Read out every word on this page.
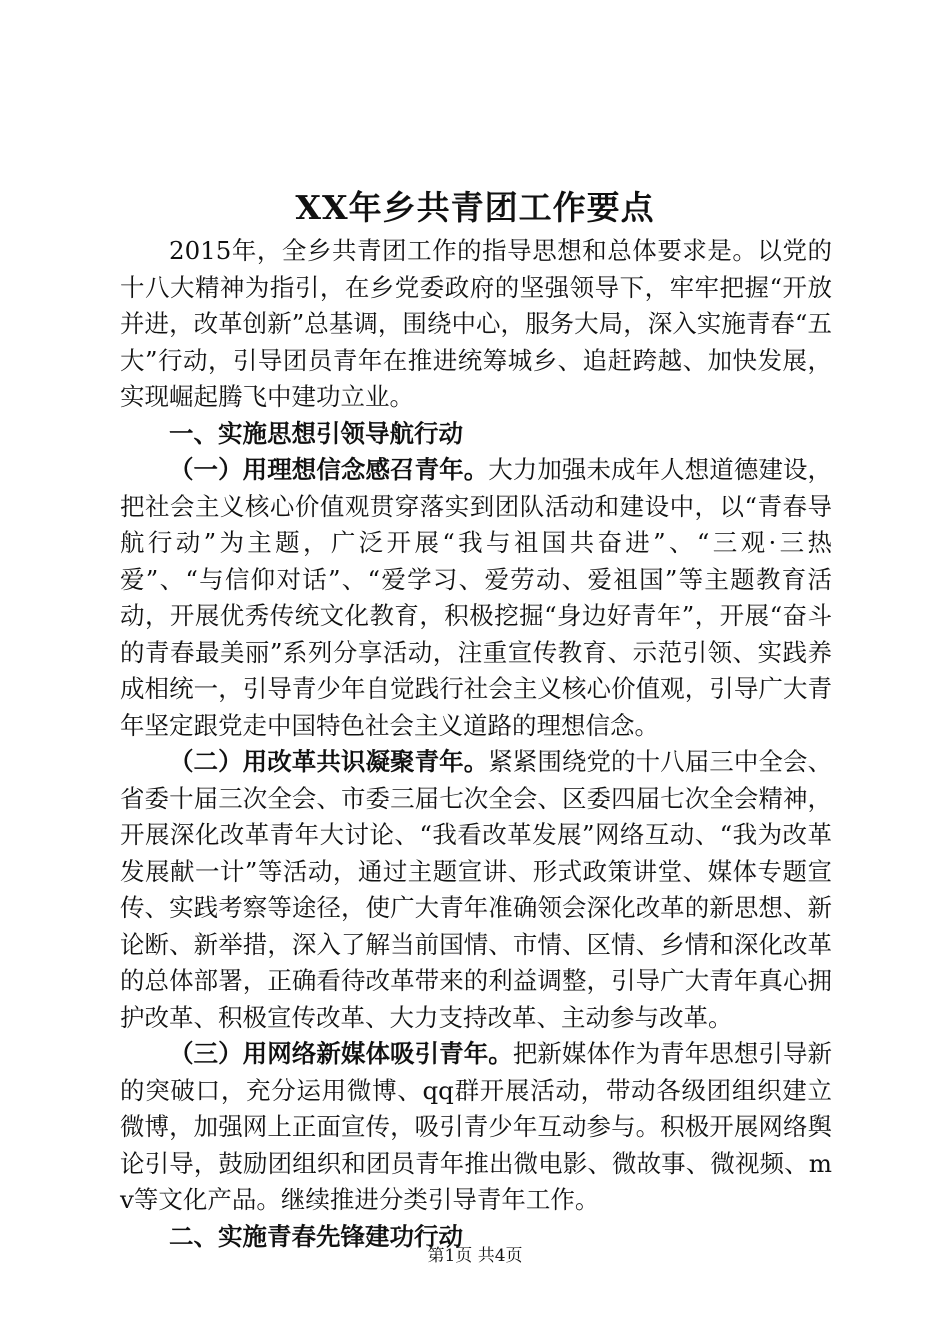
XX年乡共青团工作要点

2015年，全乡共青团工作的指导思想和总体要求是。以党的十八大精神为指引，在乡党委政府的坚强领导下，牢牢把握“开放并进，改革创新”总基调，围绕中心，服务大局，深入实施青春“五大”行动，引导团员青年在推进统筹城乡、追赶跨越、加快发展，实现崛起腾飞中建功立业。

一、实施思想引领导航行动

（一）用理想信念感召青年。大力加强未成年人想道德建设，把社会主义核心价值观贯穿落实到团队活动和建设中，以“青春导航行动”为主题，广泛开展“我与祖国共奋进”、“三观·三热爱”、“与信仰对话”、“爱学习、爱劳动、爱祖国”等主题教育活动，开展优秀传统文化教育，积极挖掘“身边好青年”，开展“奋斗的青春最美丽”系列分享活动，注重宣传教育、示范引领、实践养成相统一，引导青少年自觉践行社会主义核心价值观，引导广大青年坚定跟党走中国特色社会主义道路的理想信念。

（二）用改革共识凝聚青年。紧紧围绕党的十八届三中全会、省委十届三次全会、市委三届七次全会、区委四届七次全会精神，开展深化改革青年大讨论、“我看改革发展”网络互动、“我为改革发展献一计”等活动，通过主题宣讲、形式政策讲堂、媒体专题宣传、实践考察等途径，使广大青年准确领会深化改革的新思想、新论断、新举措，深入了解当前国情、市情、区情、乡情和深化改革的总体部署，正确看待改革带来的利益调整，引导广大青年真心拥护改革、积极宣传改革、大力支持改革、主动参与改革。

（三）用网络新媒体吸引青年。把新媒体作为青年思想引导新的突破口，充分运用微博、qq群开展活动，带动各级团组织建立微博，加强网上正面宣传，吸引青少年互动参与。积极开展网络舆论引导，鼓励团组织和团员青年推出微电影、微故事、微视频、mv等文化产品。继续推进分类引导青年工作。

二、实施青春先锋建功行动

第1页 共4页
